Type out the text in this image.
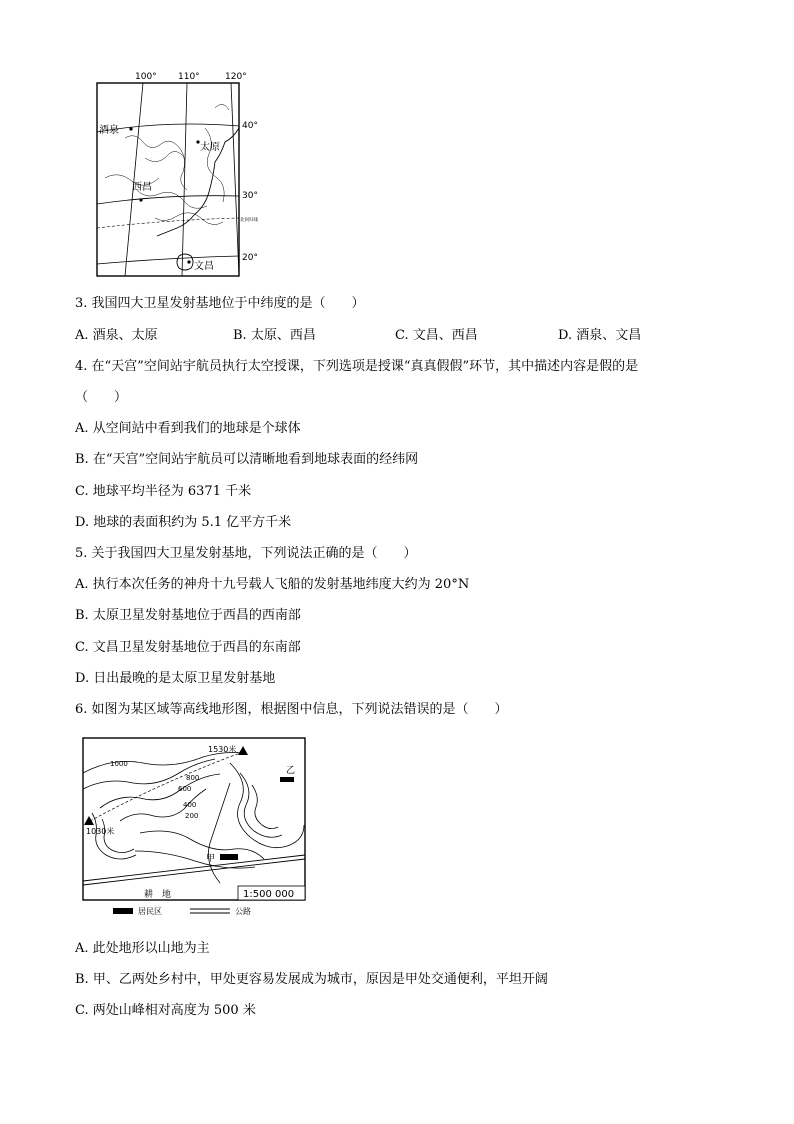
100° 110°	120°
40°
30°
北回归线
20°
酒泉
太原
西昌
文昌
3. 我国四大卫星发射基地位于中纬度的是（　　）
A. 酒泉、太原	B. 太原、西昌	C. 文昌、西昌	D. 酒泉、文昌
4. 在“天宫”空间站宇航员执行太空授课，下列选项是授课“真真假假”环节，其中描述内容是假的是
（　　）
A. 从空间站中看到我们的地球是个球体
B. 在“天宫”空间站宇航员可以清晰地看到地球表面的经纬网
C. 地球平均半径为 6371 千米
D. 地球的表面积约为 5.1 亿平方千米
5. 关于我国四大卫星发射基地，下列说法正确的是（　　）
A. 执行本次任务的神舟十九号载人飞船的发射基地纬度大约为 20°N
B. 太原卫星发射基地位于西昌的西南部
C. 文昌卫星发射基地位于西昌的东南部
D. 日出最晚的是太原卫星发射基地
6. 如图为某区域等高线地形图，根据图中信息，下列说法错误的是（　　）
1530米
1030米
1000
800
600
400
200
甲
乙
耕　地	1:500 000
居民区	公路
A. 此处地形以山地为主
B. 甲、乙两处乡村中，甲处更容易发展成为城市，原因是甲处交通便利，平坦开阔
C. 两处山峰相对高度为 500 米
